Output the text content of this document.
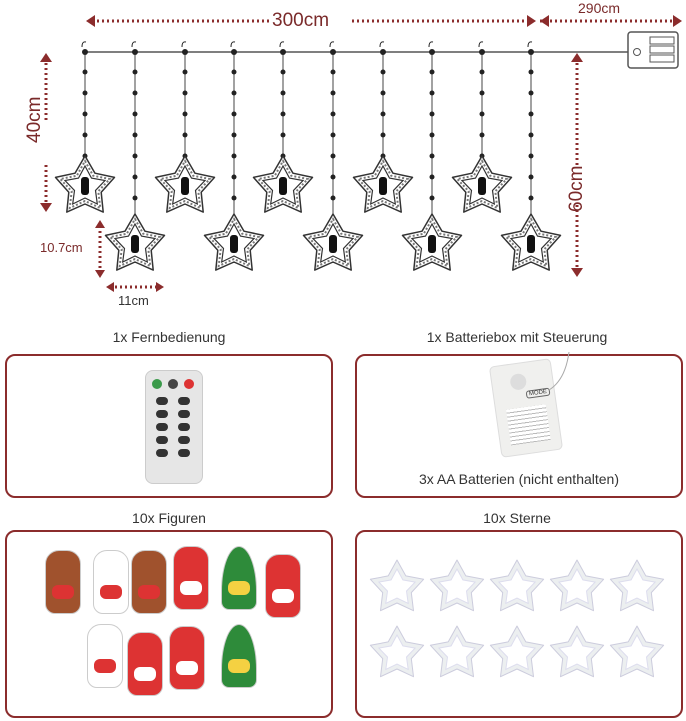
300cm
290cm
40cm
60cm
10.7cm
11cm
1x Fernbedienung	1x Batteriebox mit Steuerung
MODE
3x AA Batterien (nicht enthalten)
10x Figuren	10x Sterne
